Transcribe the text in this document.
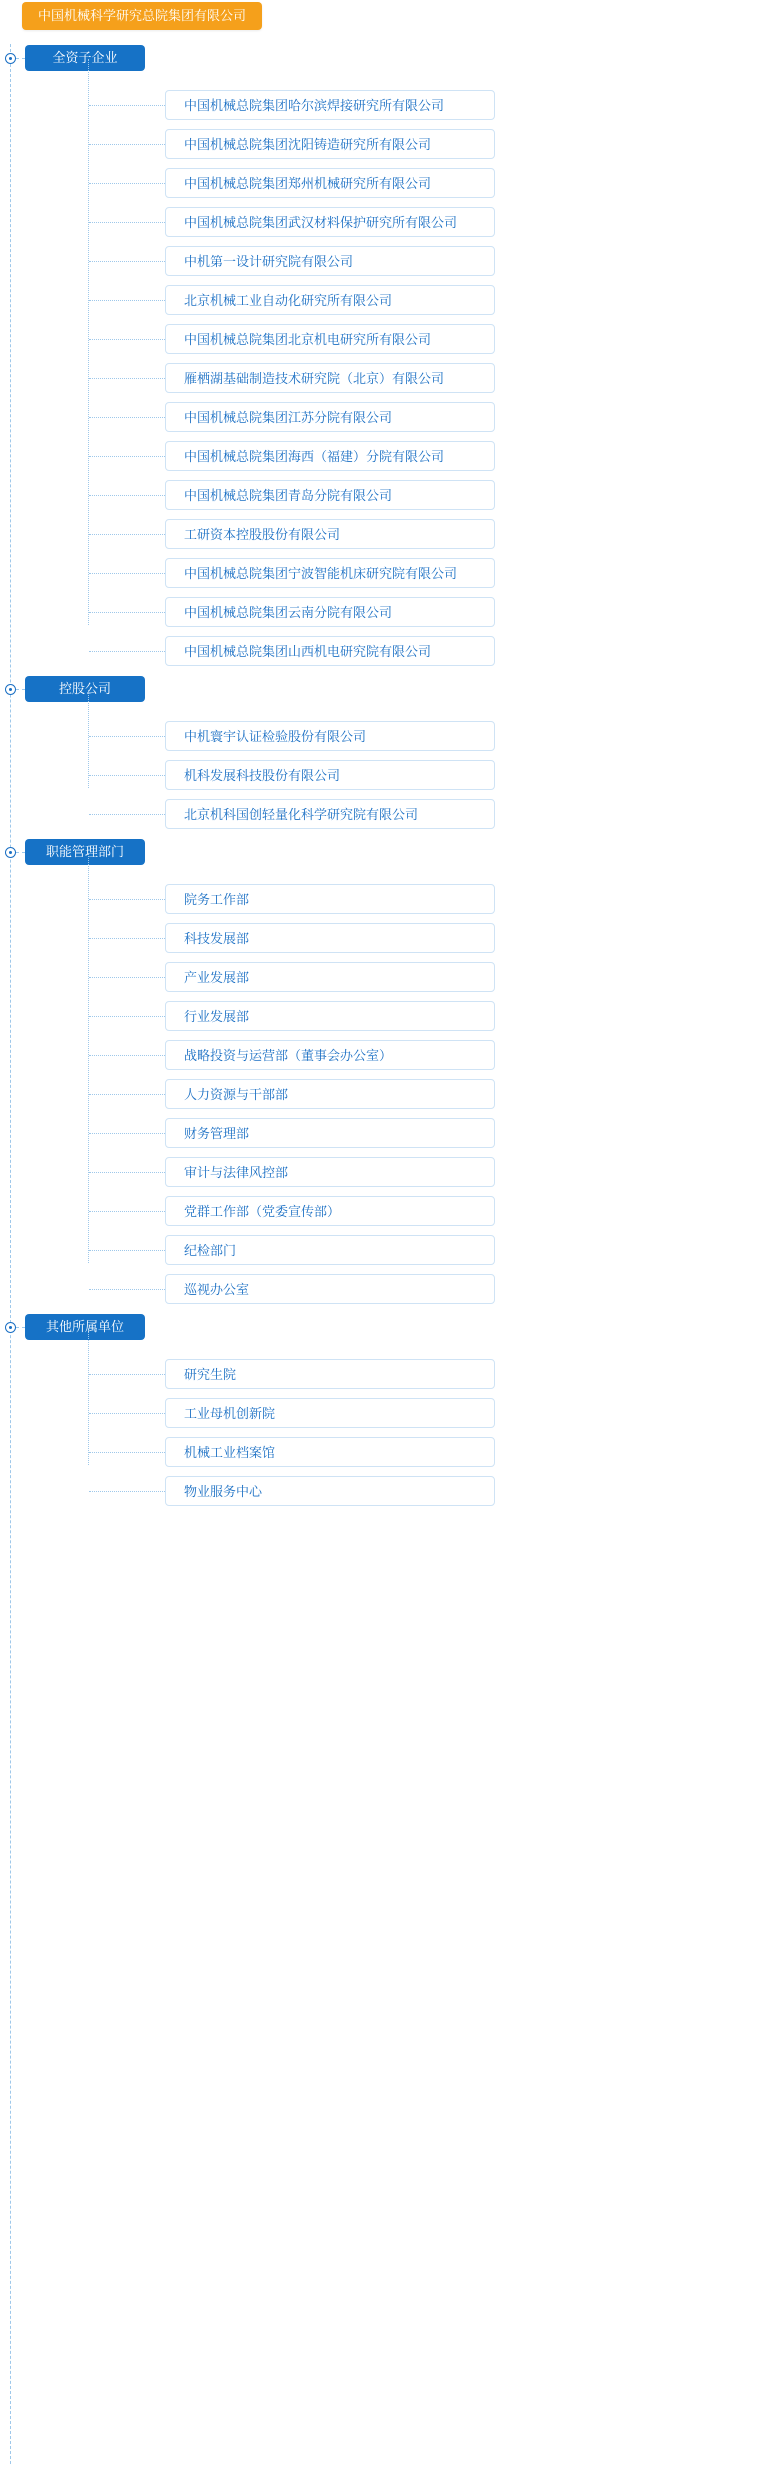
中国机械科学研究总院集团有限公司
全资子企业
中国机械总院集团哈尔滨焊接研究所有限公司
中国机械总院集团沈阳铸造研究所有限公司
中国机械总院集团郑州机械研究所有限公司
中国机械总院集团武汉材料保护研究所有限公司
中机第一设计研究院有限公司
北京机械工业自动化研究所有限公司
中国机械总院集团北京机电研究所有限公司
雁栖湖基础制造技术研究院（北京）有限公司
中国机械总院集团江苏分院有限公司
中国机械总院集团海西（福建）分院有限公司
中国机械总院集团青岛分院有限公司
工研资本控股股份有限公司
中国机械总院集团宁波智能机床研究院有限公司
中国机械总院集团云南分院有限公司
中国机械总院集团山西机电研究院有限公司
控股公司
中机寰宇认证检验股份有限公司
机科发展科技股份有限公司
北京机科国创轻量化科学研究院有限公司
职能管理部门
院务工作部
科技发展部
产业发展部
行业发展部
战略投资与运营部（董事会办公室）
人力资源与干部部
财务管理部
审计与法律风控部
党群工作部（党委宣传部）
纪检部门
巡视办公室
其他所属单位
研究生院
工业母机创新院
机械工业档案馆
物业服务中心
